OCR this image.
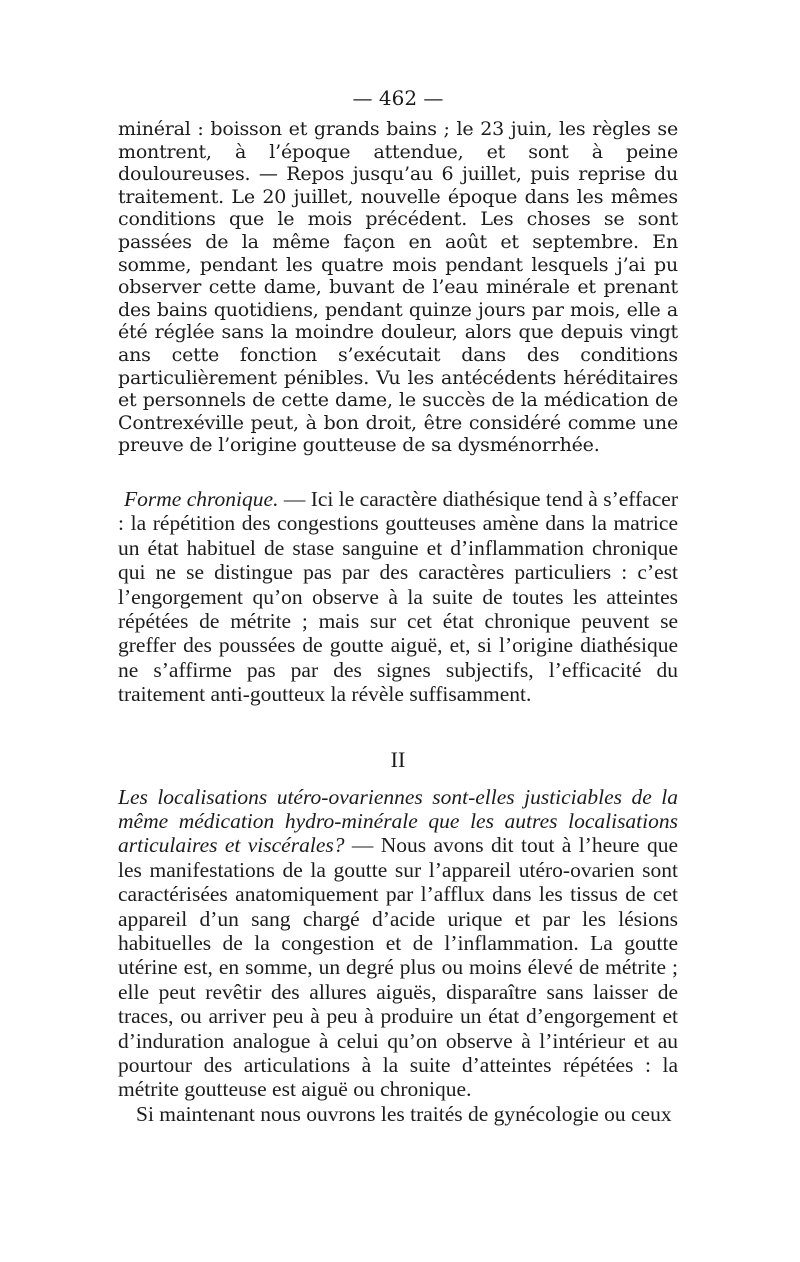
— 462 —

minéral : boisson et grands bains ; le 23 juin, les règles se montrent, à l’époque attendue, et sont à peine douloureuses. — Repos jusqu’au 6 juillet, puis reprise du traitement. Le 20 juillet, nouvelle époque dans les mêmes conditions que le mois précédent. Les choses se sont passées de la même façon en août et septembre. En somme, pendant les quatre mois pendant lesquels j’ai pu observer cette dame, buvant de l’eau minérale et prenant des bains quotidiens, pendant quinze jours par mois, elle a été réglée sans la moindre douleur, alors que depuis vingt ans cette fonction s’exécutait dans des conditions particulièrement pénibles. Vu les antécédents héréditaires et personnels de cette dame, le succès de la médication de Contrexéville peut, à bon droit, être considéré comme une preuve de l’origine goutteuse de sa dysménorrhée.

Forme chronique. — Ici le caractère diathésique tend à s’effacer : la répétition des congestions goutteuses amène dans la matrice un état habituel de stase sanguine et d’inflammation chronique qui ne se distingue pas par des caractères particuliers : c’est l’engorgement qu’on observe à la suite de toutes les atteintes répétées de métrite ; mais sur cet état chronique peuvent se greffer des poussées de goutte aiguë, et, si l’origine diathésique ne s’affirme pas par des signes subjectifs, l’efficacité du traitement anti-goutteux la révèle suffisamment.

II

Les localisations utéro-ovariennes sont-elles justiciables de la même médication hydro-minérale que les autres localisations articulaires et viscérales? — Nous avons dit tout à l’heure que les manifestations de la goutte sur l’appareil utéro-ovarien sont caractérisées anatomiquement par l’afflux dans les tissus de cet appareil d’un sang chargé d’acide urique et par les lésions habituelles de la congestion et de l’inflammation. La goutte utérine est, en somme, un degré plus ou moins élevé de métrite ; elle peut revêtir des allures aiguës, disparaître sans laisser de traces, ou arriver peu à peu à produire un état d’engorgement et d’induration analogue à celui qu’on observe à l’intérieur et au pourtour des articulations à la suite d’atteintes répétées : la métrite goutteuse est aiguë ou chronique.

Si maintenant nous ouvrons les traités de gynécologie ou ceux
